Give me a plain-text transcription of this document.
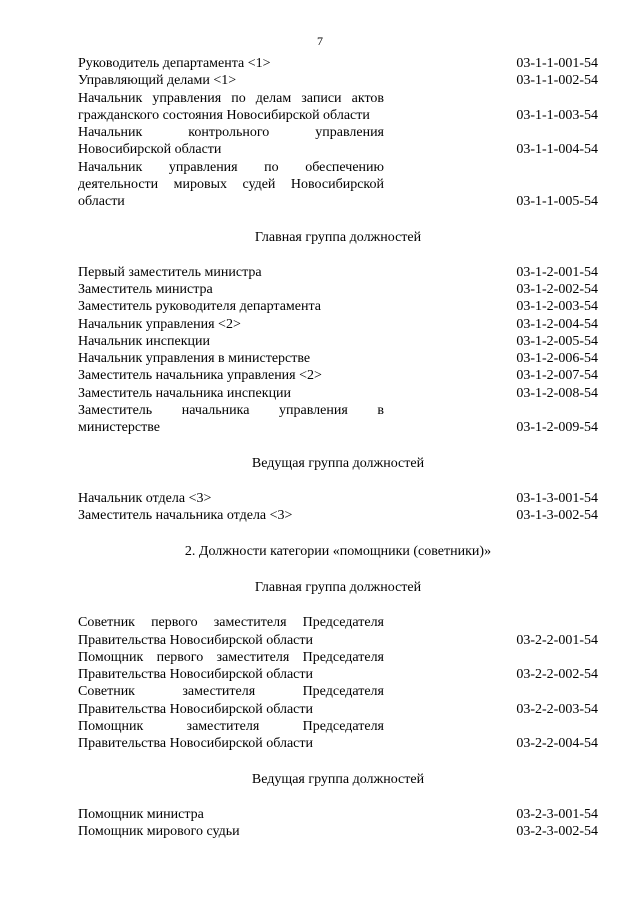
7
Руководитель департамента <1>	03-1-1-001-54
Управляющий делами <1>	03-1-1-002-54
Начальник управления по делам записи актов гражданского состояния Новосибирской области	03-1-1-003-54
Начальник контрольного управления Новосибирской области	03-1-1-004-54
Начальник управления по обеспечению деятельности мировых судей Новосибирской области	03-1-1-005-54
Главная группа должностей
Первый заместитель министра	03-1-2-001-54
Заместитель министра	03-1-2-002-54
Заместитель руководителя департамента	03-1-2-003-54
Начальник управления <2>	03-1-2-004-54
Начальник инспекции	03-1-2-005-54
Начальник управления в министерстве	03-1-2-006-54
Заместитель начальника управления <2>	03-1-2-007-54
Заместитель начальника инспекции	03-1-2-008-54
Заместитель начальника управления в министерстве	03-1-2-009-54
Ведущая группа должностей
Начальник отдела <3>	03-1-3-001-54
Заместитель начальника отдела <3>	03-1-3-002-54
2. Должности категории «помощники (советники)»
Главная группа должностей
Советник первого заместителя Председателя Правительства Новосибирской области	03-2-2-001-54
Помощник первого заместителя Председателя Правительства Новосибирской области	03-2-2-002-54
Советник заместителя Председателя Правительства Новосибирской области	03-2-2-003-54
Помощник заместителя Председателя Правительства Новосибирской области	03-2-2-004-54
Ведущая группа должностей
Помощник министра	03-2-3-001-54
Помощник мирового судьи	03-2-3-002-54
